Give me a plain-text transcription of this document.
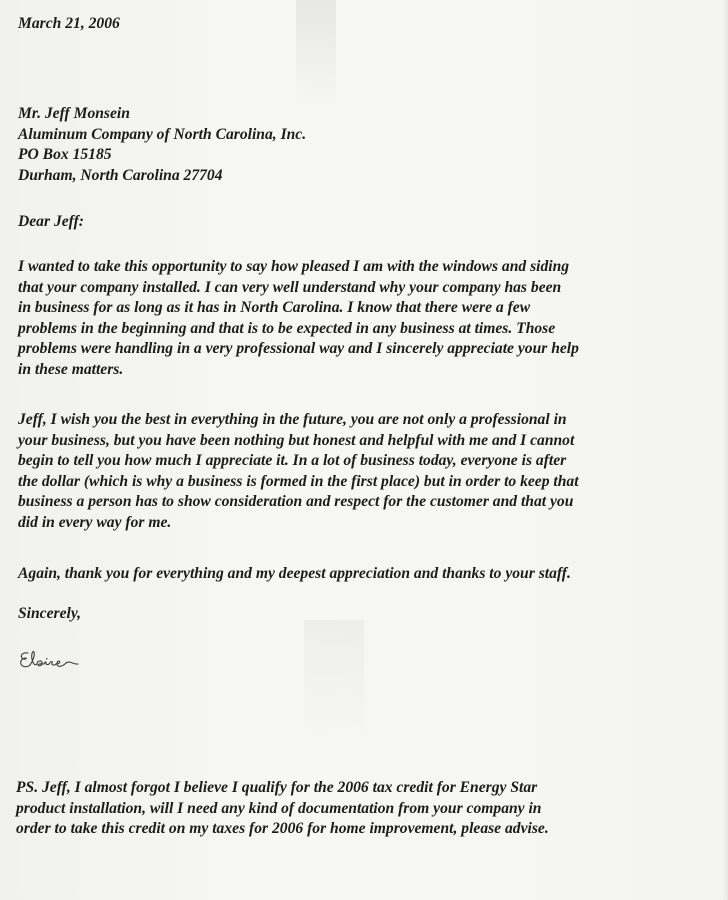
March 21, 2006
Mr. Jeff Monsein
Aluminum Company of North Carolina, Inc.
PO Box 15185
Durham, North Carolina 27704
Dear Jeff:
I wanted to take this opportunity to say how pleased I am with the windows and siding
that your company installed. I can very well understand why your company has been
in business for as long as it has in North Carolina. I know that there were a few
problems in the beginning and that is to be expected in any business at times. Those
problems were handling in a very professional way and I sincerely appreciate your help
in these matters.
Jeff, I wish you the best in everything in the future, you are not only a professional in
your business, but you have been nothing but honest and helpful with me and I cannot
begin to tell you how much I appreciate it. In a lot of business today, everyone is after
the dollar (which is why a business is formed in the first place) but in order to keep that
business a person has to show consideration and respect for the customer and that you
did in every way for me.
Again, thank you for everything and my deepest appreciation and thanks to your staff.
Sincerely,
PS. Jeff, I almost forgot I believe I qualify for the 2006 tax credit for Energy Star
product installation, will I need any kind of documentation from your company in
order to take this credit on my taxes for 2006 for home improvement, please advise.
